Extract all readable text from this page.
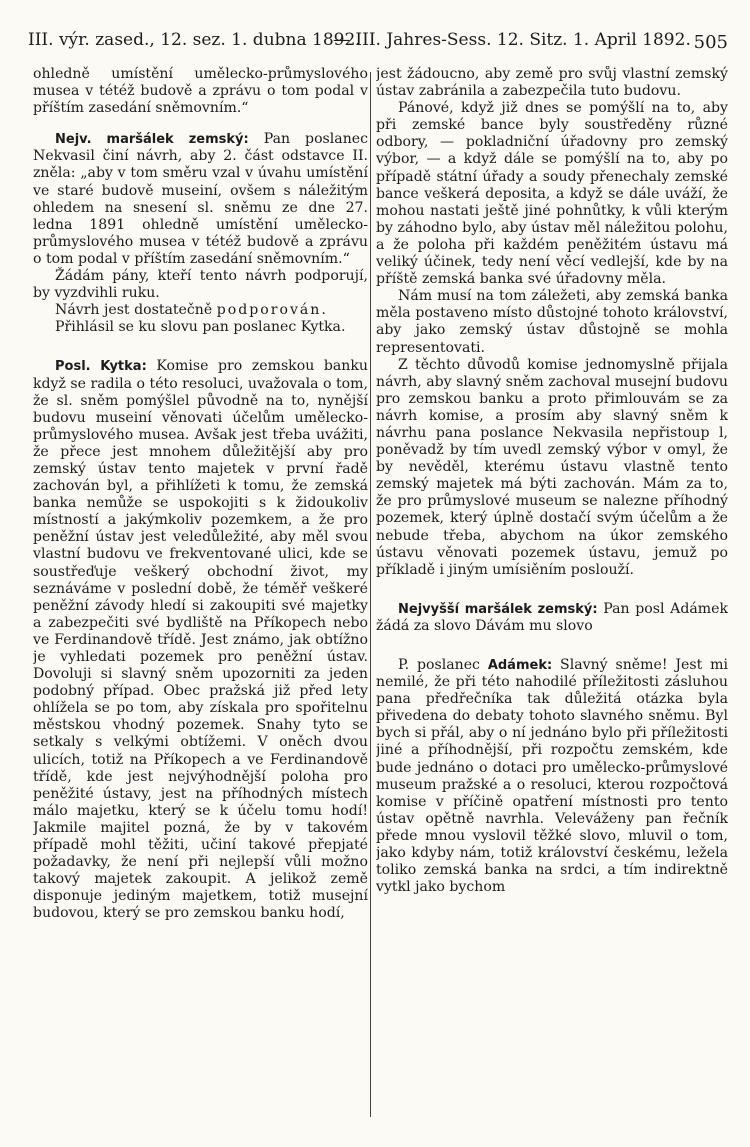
III. výr. zased., 12. sez. 1. dubna 1892.
— III. Jahres-Sess. 12. Sitz. 1. April 1892. 505

ohledně umístění umělecko-průmyslového musea v tétéž budově a zprávu o tom podal v příštím zasedání sněmovním.“

Nejv. maršálek zemský: Pan poslanec Nekvasil činí návrh, aby 2. část odstavce II. zněla: „aby v tom směru vzal v úvahu umístění ve staré budově museiní, ovšem s náležitým ohledem na snesení sl. sněmu ze dne 27. ledna 1891 ohledně umístění umělecko-průmyslového musea v tétéž budově a zprávu o tom podal v příštím zasedání sněmovním.“

Žádám pány, kteří tento návrh podporují, by vyzdvihli ruku.

Návrh jest dostatečně podporován.

Přihlásil se ku slovu pan poslanec Kytka.

Posl. Kytka: Komise pro zemskou banku když se radila o této resoluci, uvažovala o tom, že sl. sněm pomýšlel původně na to, nynější budovu museiní věnovati účelům umělecko-průmyslového musea. Avšak jest třeba uvážiti, že přece jest mnohem důležitější aby pro zemský ústav tento majetek v první řadě zachován byl, a přihlížeti k tomu, že zemská banka nemůže se uspokojiti s k židoukoliv místností a jakýmkoliv pozemkem, a že pro peněžní ústav jest veledůležité, aby měl svou vlastní budovu ve frekventované ulici, kde se soustřeďuje veškerý obchodní život, my seznáváme v poslední době, že téměř veškeré peněžní závody hledí si zakoupiti své majetky a zabezpečiti své bydliště na Příkopech nebo ve Ferdinandově třídě. Jest známo, jak obtížno je vyhledati pozemek pro peněžní ústav. Dovoluji si slavný sněm upozorniti za jeden podobný případ. Obec pražská již před lety ohlížela se po tom, aby získala pro spořitelnu městskou vhodný pozemek. Snahy tyto se setkaly s velkými obtížemi. V oněch dvou ulicích, totiž na Příkopech a ve Ferdinandově třídě, kde jest nejvýhodnější poloha pro peněžité ústavy, jest na příhodných místech málo majetku, který se k účelu tomu hodí! Jakmile majitel pozná, že by v takovém případě mohl těžiti, učiní takové přepjaté požadavky, že není při nejlepší vůli možno takový majetek zakoupit. A jelikož země disponuje jediným majetkem, totiž musejní budovou, který se pro zemskou banku hodí,

jest žádoucno, aby země pro svůj vlastní zemský ústav zabránila a zabezpečila tuto budovu.

Pánové, když již dnes se pomýšlí na to, aby při zemské bance byly soustředěny různé odbory, — pokladniční úřadovny pro zemský výbor, — a když dále se pomýšlí na to, aby po případě státní úřady a soudy přenechaly zemské bance veškerá deposita, a když se dále uváží, že mohou nastati ještě jiné pohnůtky, k vůli kterým by záhodno bylo, aby ústav měl náležitou polohu, a že poloha při každém peněžitém ústavu má veliký účinek, tedy není věcí vedlejší, kde by na příště zemská banka své úřadovny měla.

Nám musí na tom záležeti, aby zemská banka měla postaveno místo důstojné tohoto království, aby jako zemský ústav důstojně se mohla representovati.

Z těchto důvodů komise jednomyslně přijala návrh, aby slavný sněm zachoval musejní budovu pro zemskou banku a proto přimlouvám se za návrh komise, a prosím aby slavný sněm k návrhu pana poslance Nekvasila nepřistoup l, poněvadž by tím uvedl zemský výbor v omyl, že by nevěděl, kterému ústavu vlastně tento zemský majetek má býti zachován. Mám za to, že pro průmyslové museum se nalezne příhodný pozemek, který úplně dostačí svým účelům a že nebude třeba, abychom na úkor zemského ústavu věnovati pozemek ústavu, jemuž po příkladě i jiným umísiěním poslouží.

Nejvyšší maršálek zemský: Pan posl Adámek žádá za slovo Dávám mu slovo

P. poslanec Adámek: Slavný sněme! Jest mi nemilé, že při této nahodilé příležitosti zásluhou pana předřečníka tak důležitá otázka byla přivedena do debaty tohoto slavného sněmu. Byl bych si přál, aby o ní jednáno bylo při příležitosti jiné a příhodnější, při rozpočtu zemském, kde bude jednáno o dotaci pro umělecko-průmyslové museum pražské a o resoluci, kterou rozpočtová komise v příčině opatření místnosti pro tento ústav opětně navrhla. Veleváženy pan řečník přede mnou vyslovil těžké slovo, mluvil o tom, jako kdyby nám, totiž království českému, ležela toliko zemská banka na srdci, a tím indirektně vytkl jako bychom
